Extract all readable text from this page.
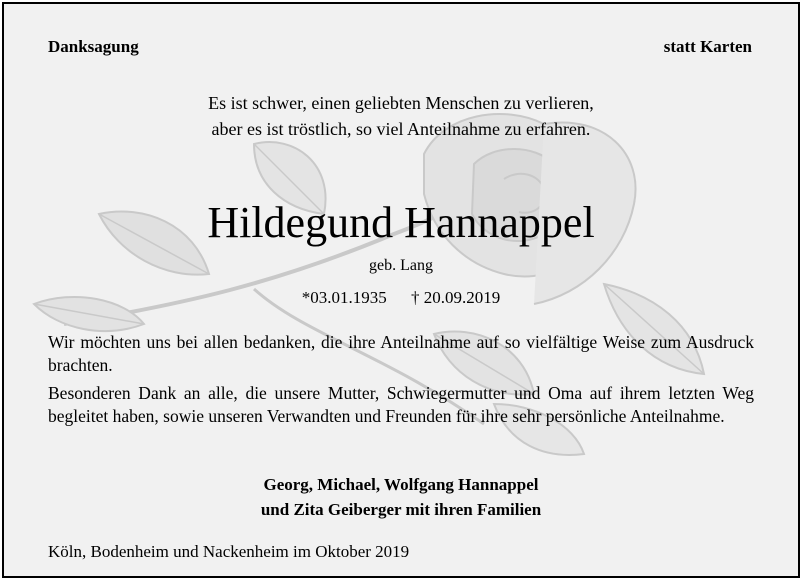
Danksagung	statt Karten
Es ist schwer, einen geliebten Menschen zu verlieren,
aber es ist tröstlich, so viel Anteilnahme zu erfahren.
Hildegund Hannappel
geb. Lang
*03.01.1935 † 20.09.2019
Wir möchten uns bei allen bedanken, die ihre Anteilnahme auf so vielfältige Weise zum Ausdruck brachten.
Besonderen Dank an alle, die unsere Mutter, Schwiegermutter und Oma auf ihrem letzten Weg begleitet haben, sowie unseren Verwandten und Freunden für ihre sehr persönliche Anteilnahme.
Georg, Michael, Wolfgang Hannappel
und Zita Geiberger mit ihren Familien
Köln, Bodenheim und Nackenheim im Oktober 2019
